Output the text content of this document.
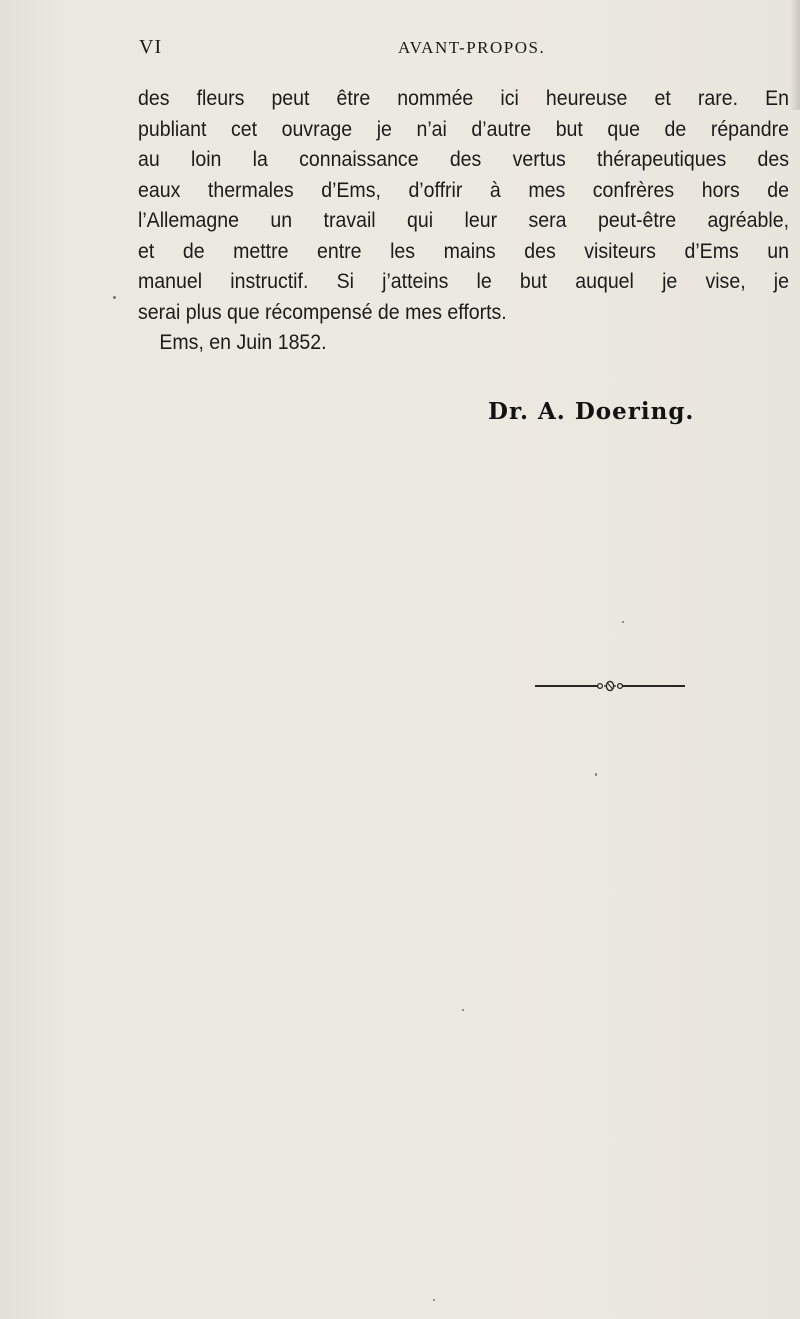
VI	AVANT-PROPOS.
des fleurs peut être nommée ici heureuse et rare. En
publiant cet ouvrage je n’ai d’autre but que de répandre
au loin la connaissance des vertus thérapeutiques des
eaux thermales d’Ems, d’offrir à mes confrères hors de
l’Allemagne un travail qui leur sera peut-être agréable,
et de mettre entre les mains des visiteurs d’Ems un
manuel instructif. Si j’atteins le but auquel je vise, je
serai plus que récompensé de mes efforts.
Ems, en Juin 1852.
Dr. A. Doering.
